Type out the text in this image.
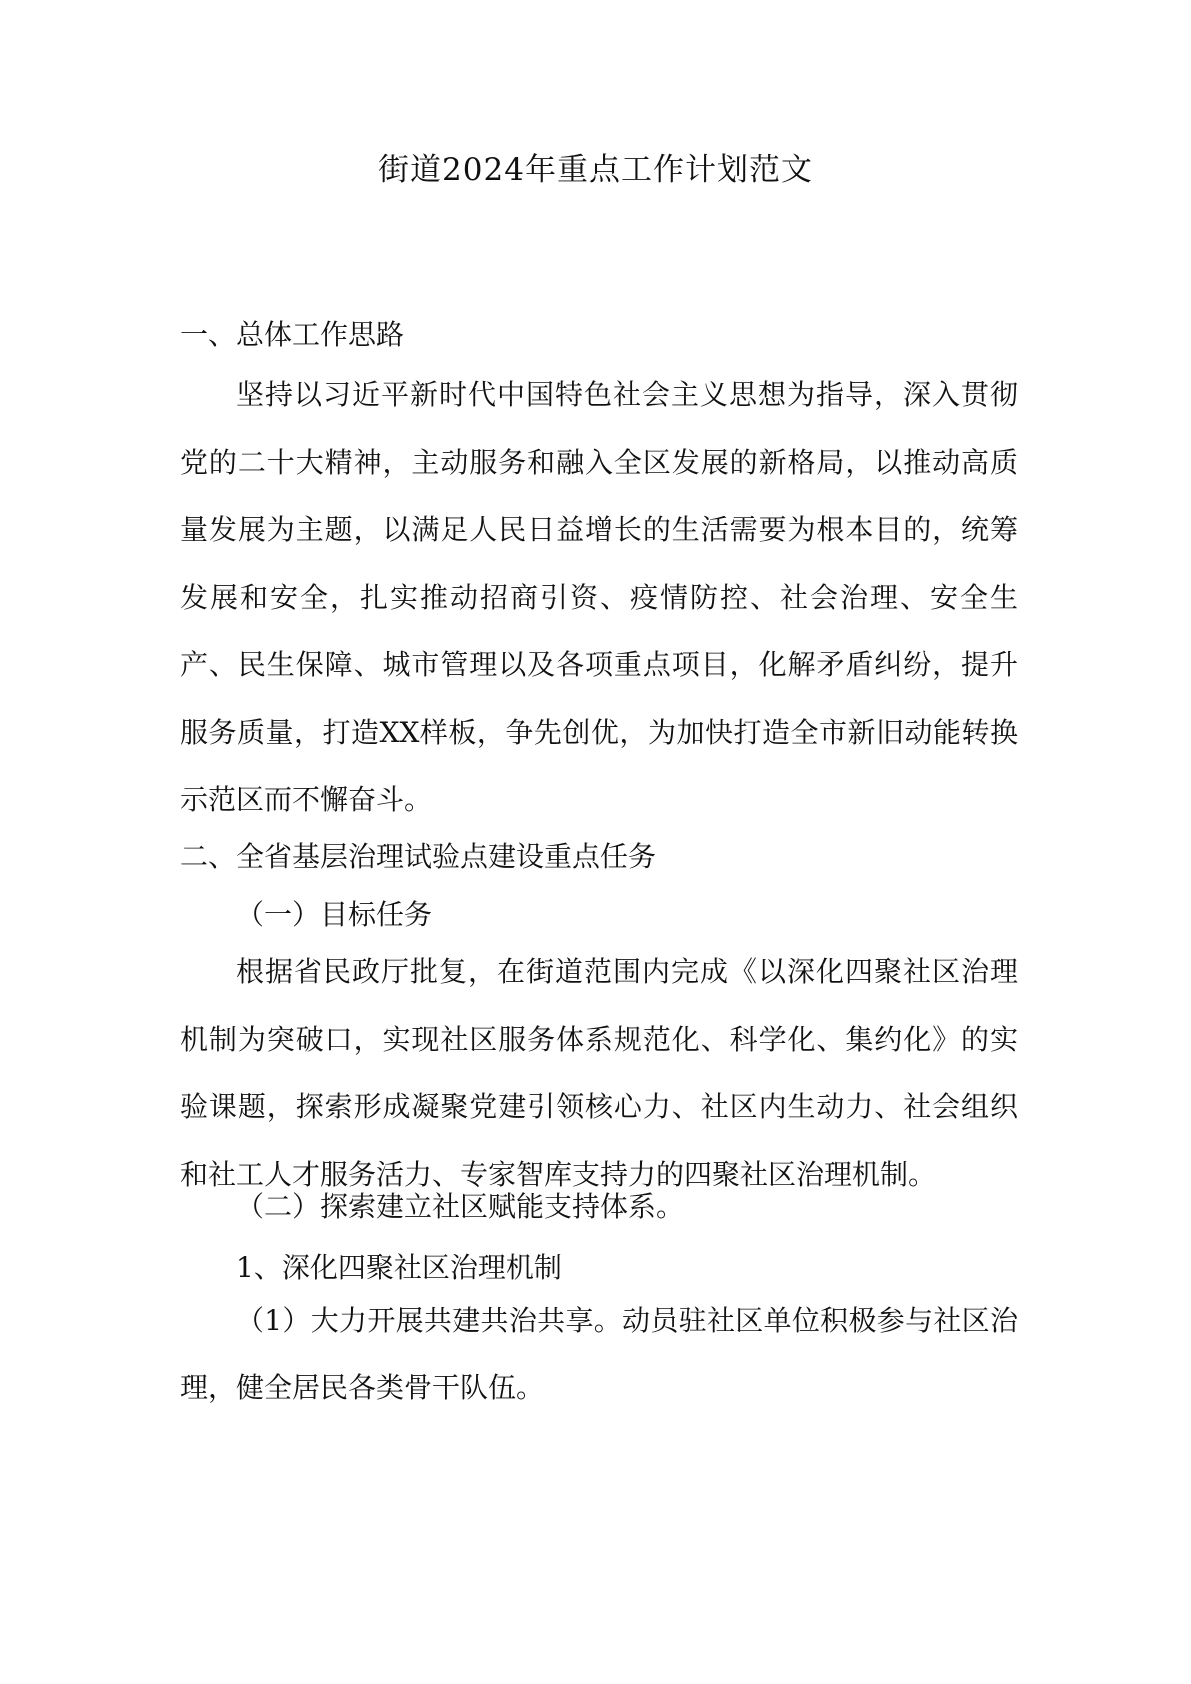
街道2024年重点工作计划范文
一、总体工作思路
坚持以习近平新时代中国特色社会主义思想为指导，深入贯彻党的二十大精神，主动服务和融入全区发展的新格局，以推动高质量发展为主题，以满足人民日益增长的生活需要为根本目的，统筹发展和安全，扎实推动招商引资、疫情防控、社会治理、安全生产、民生保障、城市管理以及各项重点项目，化解矛盾纠纷，提升服务质量，打造XX样板，争先创优，为加快打造全市新旧动能转换示范区而不懈奋斗。
二、全省基层治理试验点建设重点任务
（一）目标任务
根据省民政厅批复，在街道范围内完成《以深化四聚社区治理机制为突破口，实现社区服务体系规范化、科学化、集约化》的实验课题，探索形成凝聚党建引领核心力、社区内生动力、社会组织和社工人才服务活力、专家智库支持力的四聚社区治理机制。
（二）探索建立社区赋能支持体系。
1、深化四聚社区治理机制
（1）大力开展共建共治共享。动员驻社区单位积极参与社区治理，健全居民各类骨干队伍。
